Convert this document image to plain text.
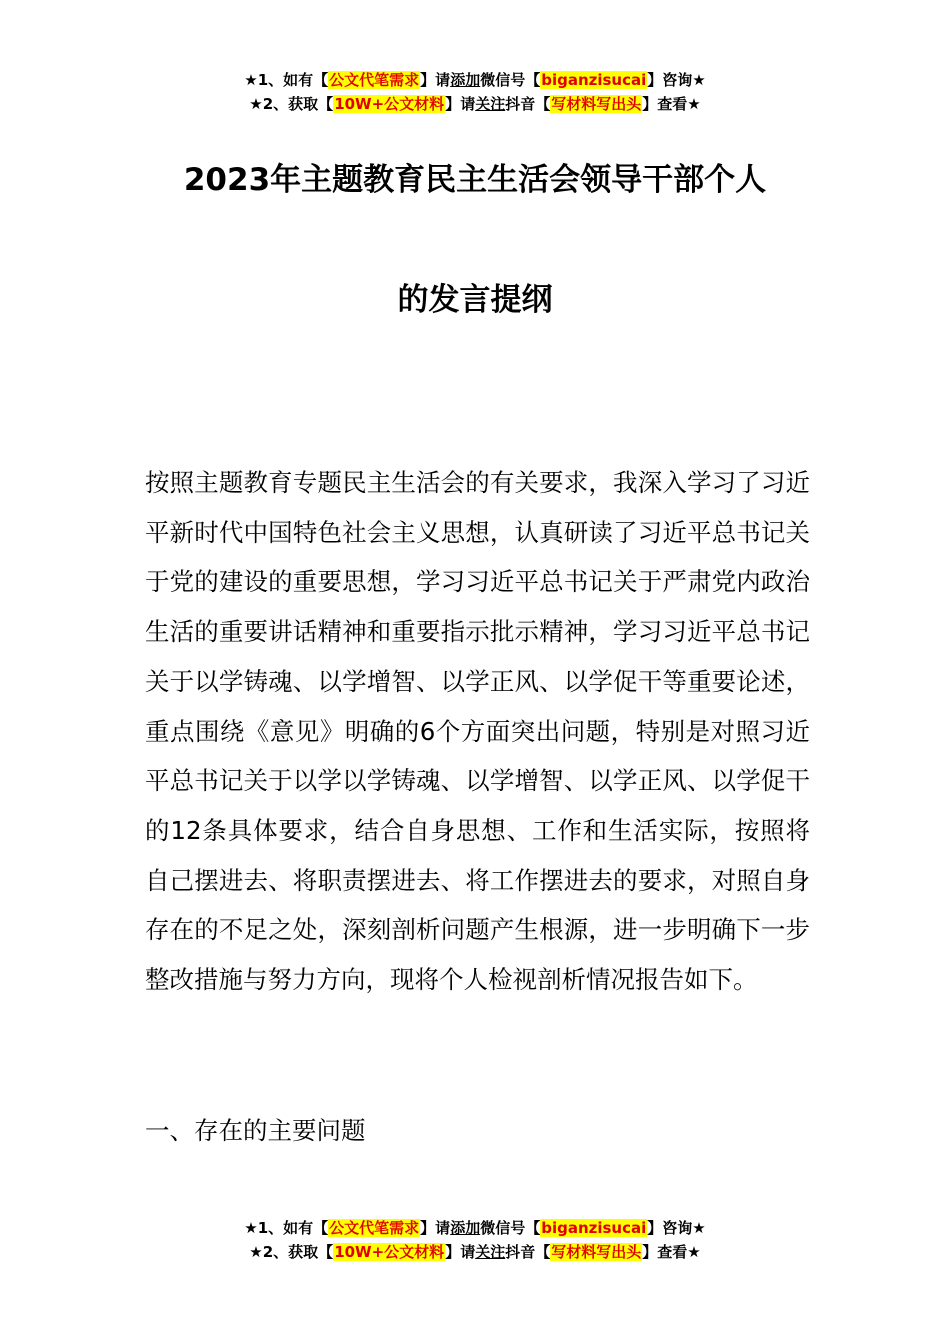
★1、如有【公文代笔需求】请添加微信号【biganzisucai】咨询★
★2、获取【10W+公文材料】请关注抖音【写材料写出头】查看★
2023年主题教育民主生活会领导干部个人
的发言提纲
按照主题教育专题民主生活会的有关要求，我深入学习了习近平新时代中国特色社会主义思想，认真研读了习近平总书记关于党的建设的重要思想，学习习近平总书记关于严肃党内政治生活的重要讲话精神和重要指示批示精神，学习习近平总书记关于以学铸魂、以学增智、以学正风、以学促干等重要论述，重点围绕《意见》明确的6个方面突出问题，特别是对照习近平总书记关于以学以学铸魂、以学增智、以学正风、以学促干的12条具体要求，结合自身思想、工作和生活实际，按照将自己摆进去、将职责摆进去、将工作摆进去的要求，对照自身存在的不足之处，深刻剖析问题产生根源，进一步明确下一步整改措施与努力方向，现将个人检视剖析情况报告如下。
一、存在的主要问题
★1、如有【公文代笔需求】请添加微信号【biganzisucai】咨询★
★2、获取【10W+公文材料】请关注抖音【写材料写出头】查看★
